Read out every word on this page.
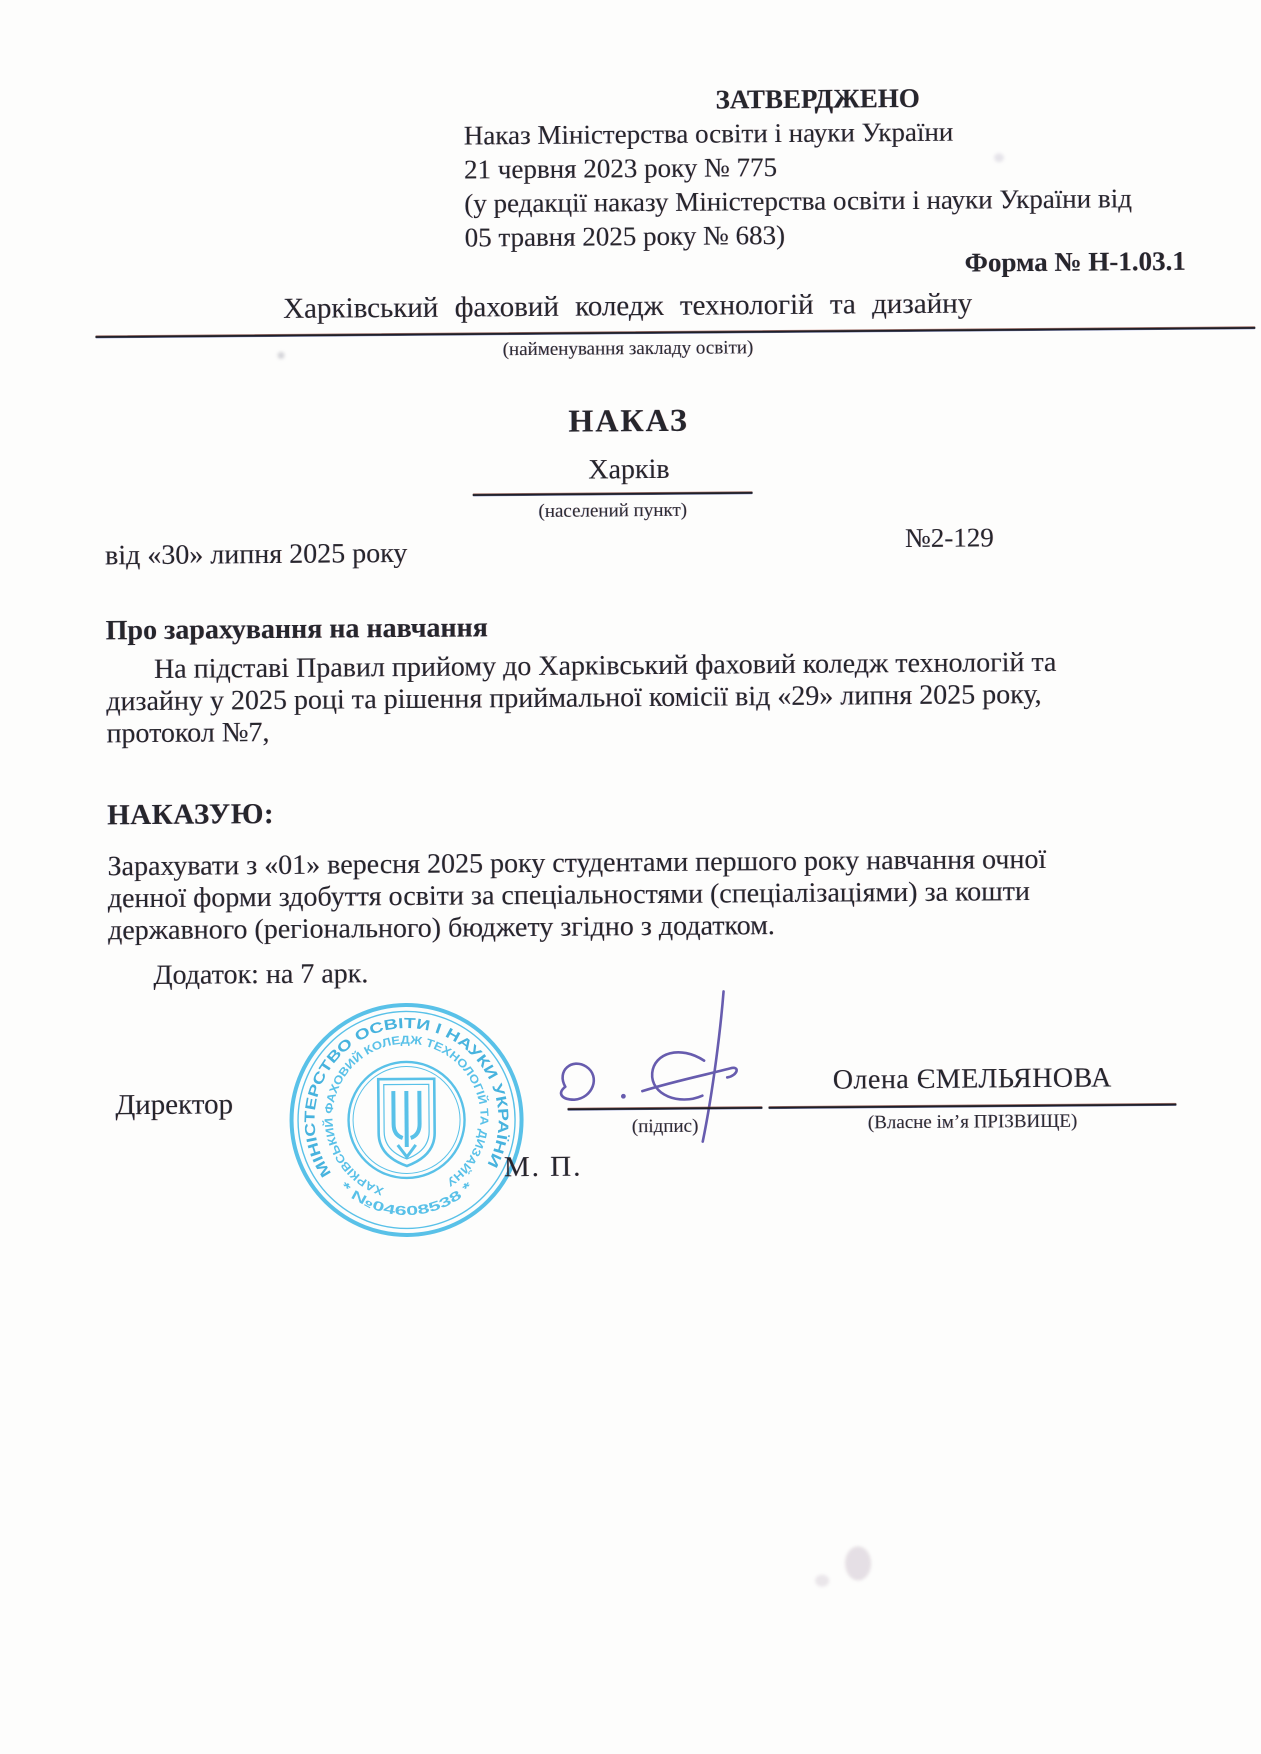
ЗАТВЕРДЖЕНО
Наказ Міністерства освіти і науки України
21 червня 2023 року № 775
(у редакції наказу Міністерства освіти і науки України від
05 травня 2025 року № 683)
Форма № Н-1.03.1
Харківський фаховий коледж технологій та дизайну
(найменування закладу освіти)
НАКАЗ
Харків
(населений пункт)
від «30» липня 2025 року
№2-129
Про зарахування на навчання
На підставі Правил прийому до Харківський фаховий коледж технологій та дизайну у 2025 році та рішення приймальної комісії від «29» липня 2025 року, протокол №7,
НАКАЗУЮ:
Зарахувати з «01» вересня 2025 року студентами першого року навчання очної денної форми здобуття освіти за спеціальностями (спеціалізаціями) за кошти державного (регіонального) бюджету згідно з додатком.
Додаток: на 7 арк.
Директор
МІНІСТЕРСТВО ОСВІТИ І НАУКИ УКРАЇНИ
ХАРКІВСЬКИЙ ФАХОВИЙ КОЛЕДЖ ТЕХНОЛОГІЙ ТА ДИЗАЙНУ
* №04608538 *
(підпис)
Олена ЄМЕЛЬЯНОВА
(Власне ім’я ПРІЗВИЩЕ)
М. П.
